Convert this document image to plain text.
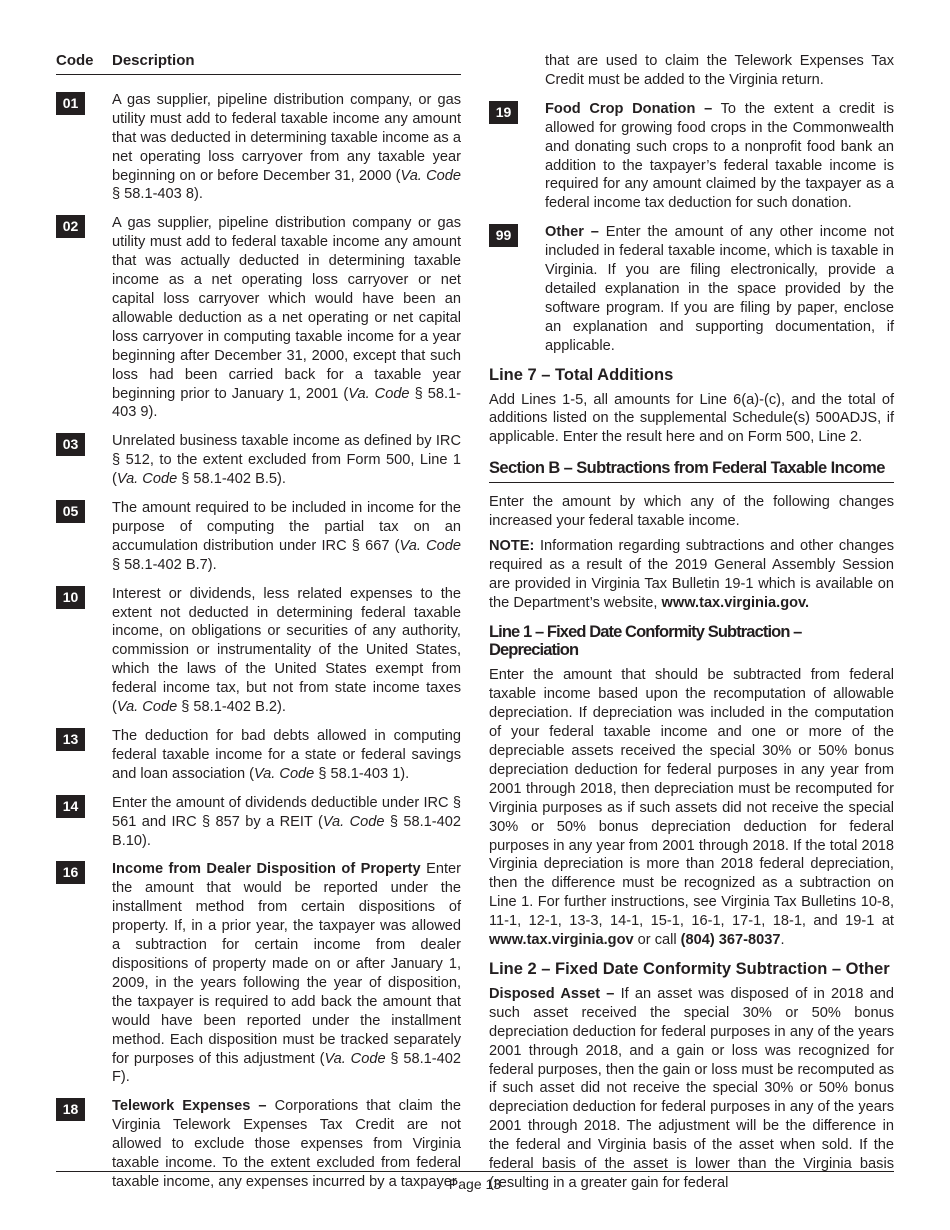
Code	Description
01	A gas supplier, pipeline distribution company, or gas utility must add to federal taxable income any amount that was deducted in determining taxable income as a net operating loss carryover from any taxable year beginning on or before December 31, 2000 (Va. Code § 58.1-403 8).
02	A gas supplier, pipeline distribution company or gas utility must add to federal taxable income any amount that was actually deducted in determining taxable income as a net operating loss carryover or net capital loss carryover which would have been an allowable deduction as a net operating or net capital loss carryover in computing taxable income for a year beginning after December 31, 2000, except that such loss had been carried back for a taxable year beginning prior to January 1, 2001 (Va. Code § 58.1-403 9).
03	Unrelated business taxable income as defined by IRC § 512, to the extent excluded from Form 500, Line 1 (Va. Code § 58.1-402 B.5).
05	The amount required to be included in income for the purpose of computing the partial tax on an accumulation distribution under IRC § 667 (Va. Code § 58.1-402 B.7).
10	Interest or dividends, less related expenses to the extent not deducted in determining federal taxable income, on obligations or securities of any authority, commission or instrumentality of the United States, which the laws of the United States exempt from federal income tax, but not from state income taxes (Va. Code § 58.1-402 B.2).
13	The deduction for bad debts allowed in computing federal taxable income for a state or federal savings and loan association (Va. Code § 58.1-403 1).
14	Enter the amount of dividends deductible under IRC § 561 and IRC § 857 by a REIT (Va. Code § 58.1-402 B.10).
16	Income from Dealer Disposition of Property Enter the amount that would be reported under the installment method from certain dispositions of property. If, in a prior year, the taxpayer was allowed a subtraction for certain income from dealer dispositions of property made on or after January 1, 2009, in the years following the year of disposition, the taxpayer is required to add back the amount that would have been reported under the installment method. Each disposition must be tracked separately for purposes of this adjustment (Va. Code § 58.1-402 F).
18	Telework Expenses – Corporations that claim the Virginia Telework Expenses Tax Credit are not allowed to exclude those expenses from Virginia taxable income. To the extent excluded from federal taxable income, any expenses incurred by a taxpayer
that are used to claim the Telework Expenses Tax Credit must be added to the Virginia return.
19	Food Crop Donation – To the extent a credit is allowed for growing food crops in the Commonwealth and donating such crops to a nonprofit food bank an addition to the taxpayer’s federal taxable income is required for any amount claimed by the taxpayer as a federal income tax deduction for such donation.
99	Other – Enter the amount of any other income not included in federal taxable income, which is taxable in Virginia. If you are filing electronically, provide a detailed explanation in the space provided by the software program. If you are filing by paper, enclose an explanation and supporting documentation, if applicable.
Line 7 – Total Additions

Add Lines 1-5, all amounts for Line 6(a)-(c), and the total of additions listed on the supplemental Schedule(s) 500ADJS, if applicable. Enter the result here and on Form 500, Line 2.

Section B – Subtractions from Federal Taxable Income

Enter the amount by which any of the following changes increased your federal taxable income.

NOTE: Information regarding subtractions and other changes required as a result of the 2019 General Assembly Session are provided in Virginia Tax Bulletin 19-1 which is available on the Department’s website, www.tax.virginia.gov.

Line 1 – Fixed Date Conformity Subtraction – Depreciation

Enter the amount that should be subtracted from federal taxable income based upon the recomputation of allowable depreciation. If depreciation was included in the computation of your federal taxable income and one or more of the depreciable assets received the special 30% or 50% bonus depreciation deduction for federal purposes in any year from 2001 through 2018, then depreciation must be recomputed for Virginia purposes as if such assets did not receive the special 30% or 50% bonus depreciation deduction for federal purposes in any year from 2001 through 2018. If the total 2018 Virginia depreciation is more than 2018 federal depreciation, then the difference must be recognized as a subtraction on Line 1. For further instructions, see Virginia Tax Bulletins 10-8, 11-1, 12-1, 13-3, 14-1, 15-1, 16-1, 17-1, 18-1, and 19-1 at www.tax.virginia.gov or call (804) 367-8037.

Line 2 – Fixed Date Conformity Subtraction – Other

Disposed Asset – If an asset was disposed of in 2018 and such asset received the special 30% or 50% bonus depreciation deduction for federal purposes in any of the years 2001 through 2018, and a gain or loss was recognized for federal purposes, then the gain or loss must be recomputed as if such asset did not receive the special 30% or 50% bonus depreciation deduction for federal purposes in any of the years 2001 through 2018. The adjustment will be the difference in the federal and Virginia basis of the asset when sold. If the federal basis of the asset is lower than the Virginia basis (resulting in a greater gain for federal

Page 13
